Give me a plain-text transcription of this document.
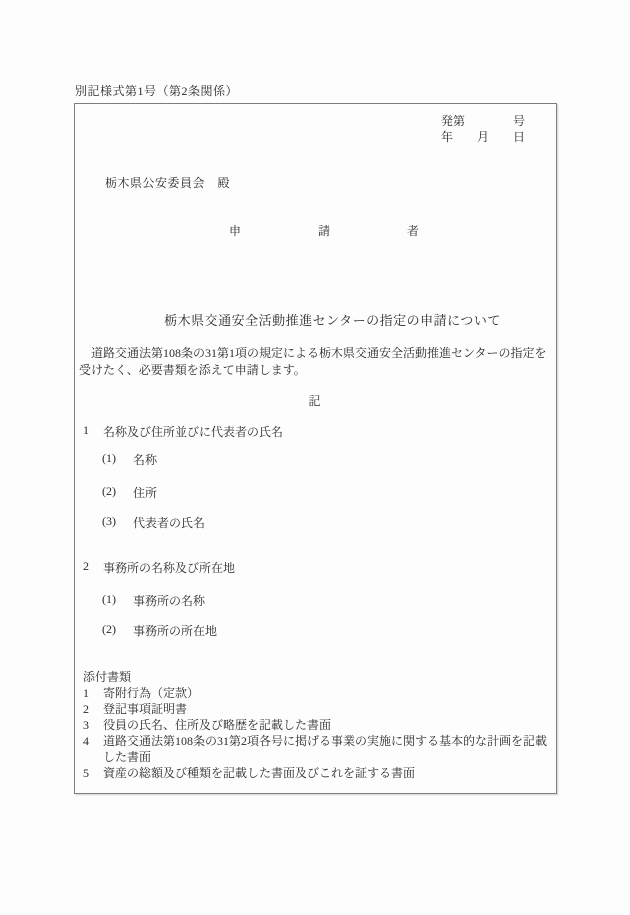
別記様式第1号（第2条関係）
発第	号
年 月 日
栃木県公安委員会　殿
申	請	者
栃木県交通安全活動推進センターの指定の申請について

道路交通法第108条の31第1項の規定による栃木県交通安全活動推進センターの指定を受けたく、必要書類を添えて申請します。

記
1	名称及び住所並びに代表者の氏名
(1)	名称
(2)	住所
(3)	代表者の氏名
2	事務所の名称及び所在地
(1)	事務所の名称
(2)	事務所の所在地
添付書類
1	寄附行為（定款）
2	登記事項証明書
3	役員の氏名、住所及び略歴を記載した書面
4	道路交通法第108条の31第2項各号に掲げる事業の実施に関する基本的な計画を記載した書面
5	資産の総額及び種類を記載した書面及びこれを証する書面
